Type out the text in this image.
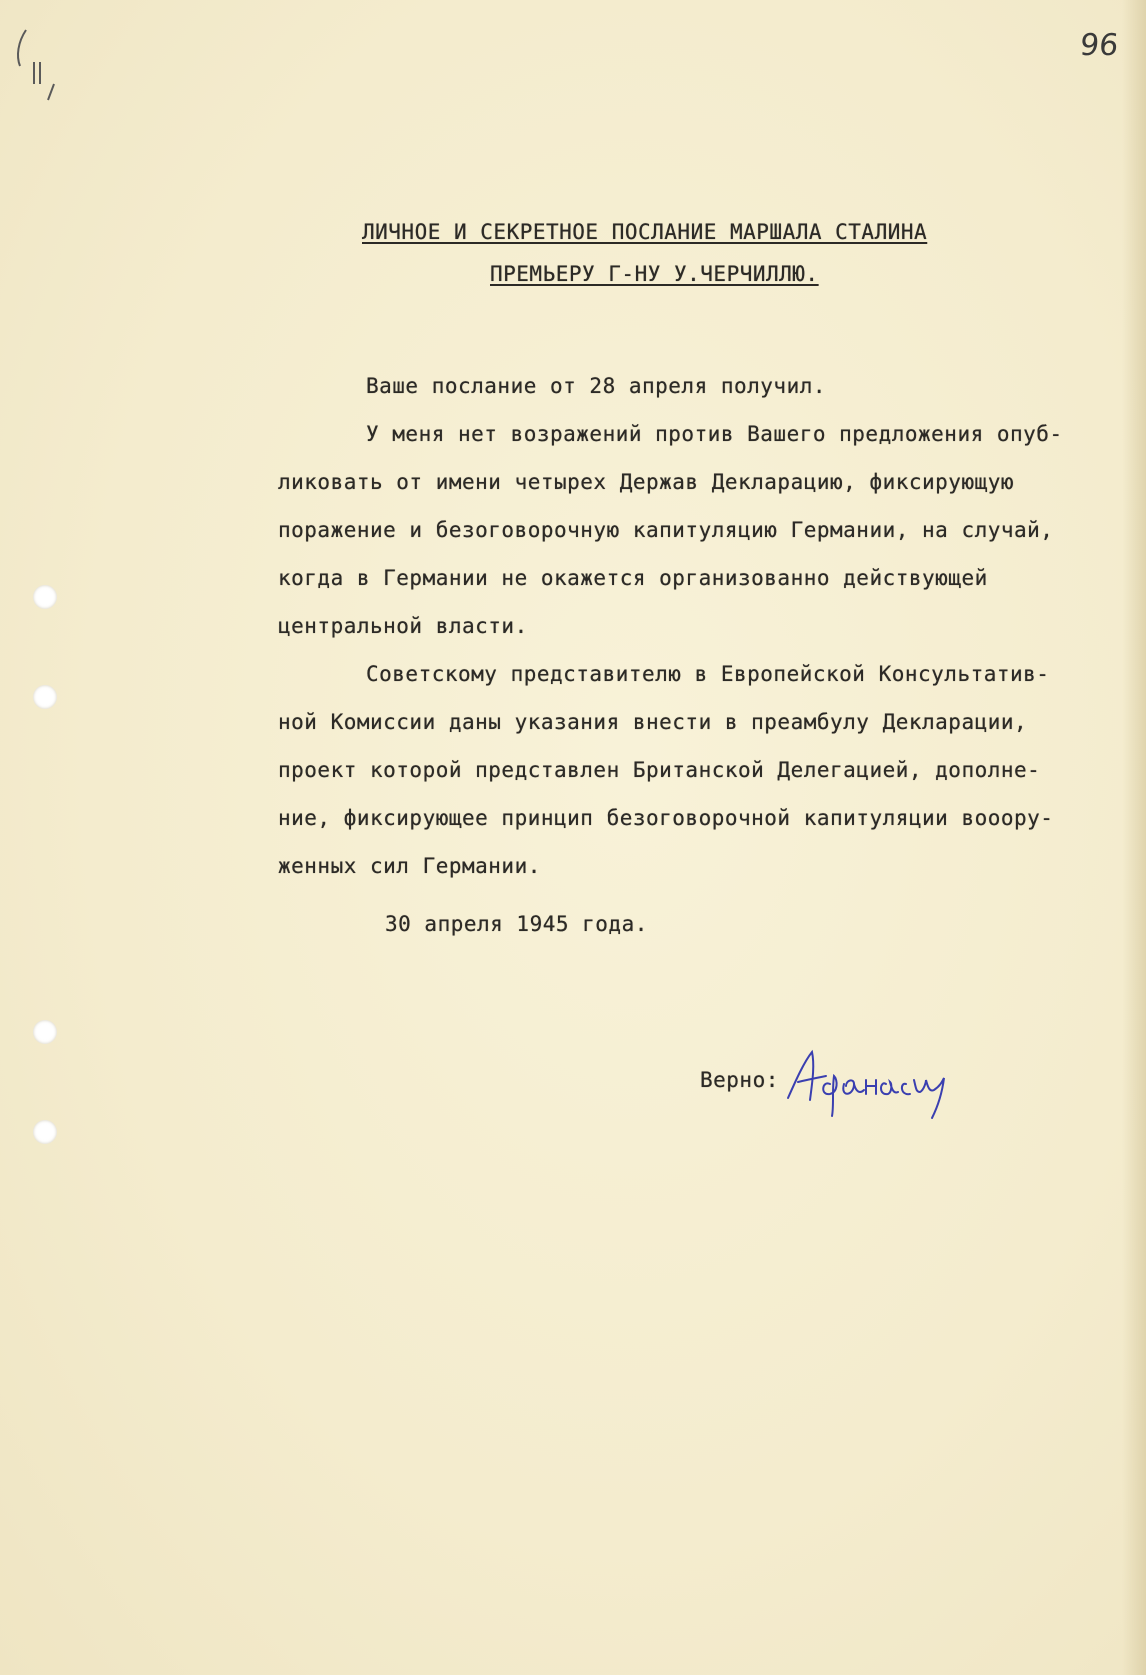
96
ЛИЧНОЕ И СЕКРЕТНОЕ ПОСЛАНИЕ МАРШАЛА СТАЛИНА
ПРЕМЬЕРУ Г-НУ У.ЧЕРЧИЛЛЮ.
Ваше послание от 28 апреля получил.
У меня нет возражений против Вашего предложения опуб-
ликовать от имени четырех Держав Декларацию, фиксирующую
поражение и безоговорочную капитуляцию Германии, на случай,
когда в Германии не окажется организованно действующей
центральной власти.
Советскому представителю в Европейской Консультатив-
ной Комиссии даны указания внести в преамбулу Декларации,
проект которой представлен Британской Делегацией, дополне-
ние, фиксирующее принцип безоговорочной капитуляции вооору-
женных сил Германии.
30 апреля 1945 года.
Верно:
